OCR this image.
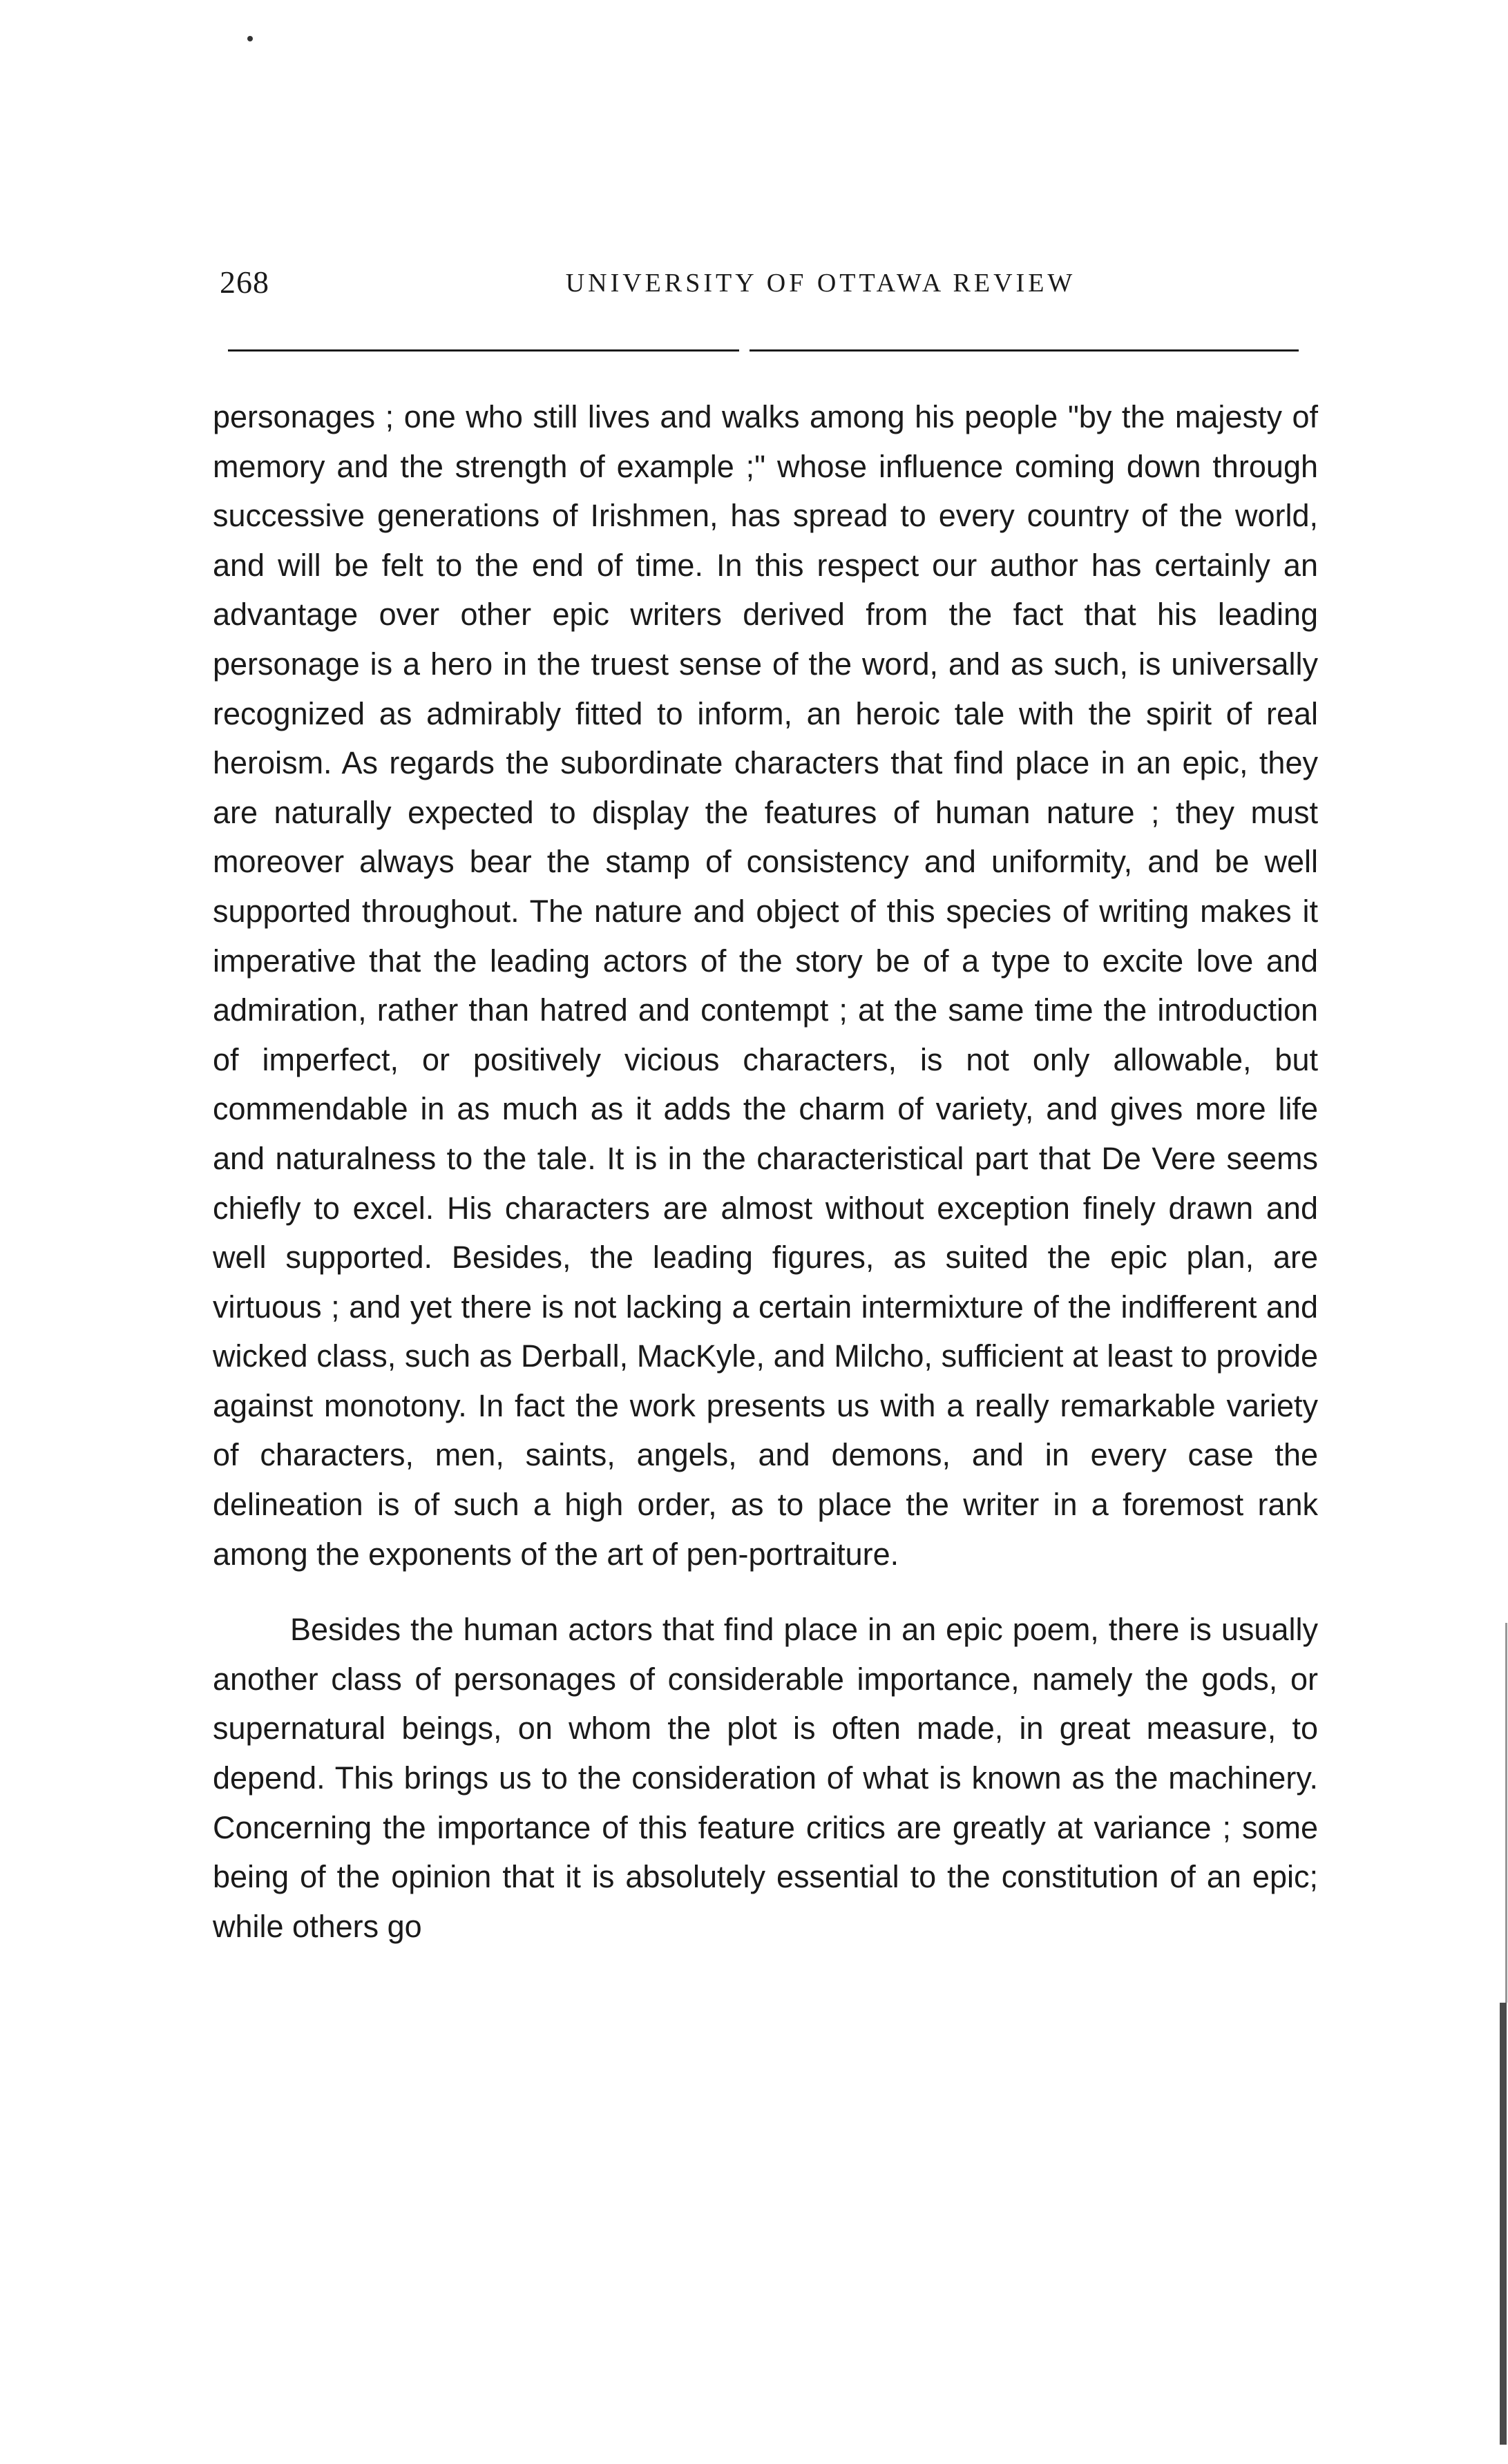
268	UNIVERSITY OF OTTAWA REVIEW

personages ; one who still lives and walks among his people "by the majesty of memory and the strength of example ;" whose influence coming down through successive generations of Irishmen, has spread to every country of the world, and will be felt to the end of time. In this respect our author has certainly an advantage over other epic writers derived from the fact that his leading personage is a hero in the truest sense of the word, and as such, is universally recognized as admirably fitted to inform, an heroic tale with the spirit of real heroism. As regards the subordinate characters that find place in an epic, they are naturally expected to display the features of human nature ; they must moreover always bear the stamp of consistency and uniformity, and be well supported throughout. The nature and object of this species of writing makes it imperative that the leading actors of the story be of a type to excite love and admiration, rather than hatred and contempt ; at the same time the introduction of imperfect, or positively vicious characters, is not only allowable, but commendable in as much as it adds the charm of variety, and gives more life and naturalness to the tale. It is in the characteristical part that De Vere seems chiefly to excel. His characters are almost without exception finely drawn and well supported. Besides, the leading figures, as suited the epic plan, are virtuous ; and yet there is not lacking a certain intermixture of the indifferent and wicked class, such as Derball, MacKyle, and Milcho, sufficient at least to provide against monotony. In fact the work presents us with a really remarkable variety of characters, men, saints, angels, and demons, and in every case the delineation is of such a high order, as to place the writer in a foremost rank among the exponents of the art of pen-portraiture.

Besides the human actors that find place in an epic poem, there is usually another class of personages of considerable importance, namely the gods, or supernatural beings, on whom the plot is often made, in great measure, to depend. This brings us to the consideration of what is known as the machinery. Concerning the importance of this feature critics are greatly at variance ; some being of the opinion that it is absolutely essential to the constitution of an epic; while others go
